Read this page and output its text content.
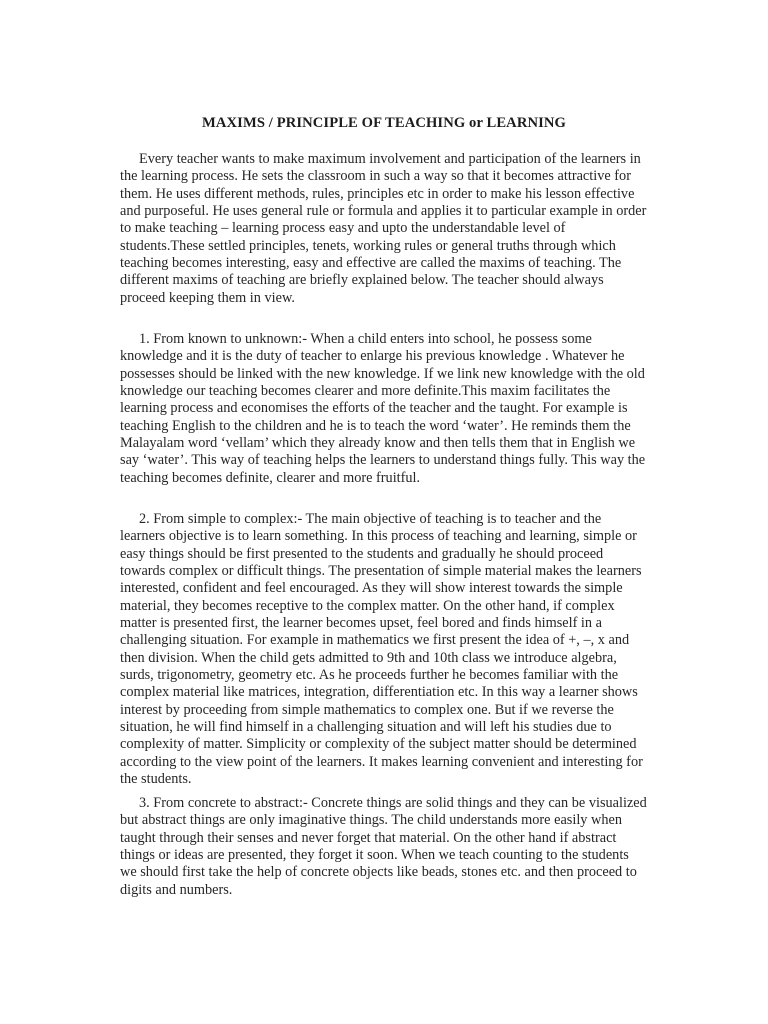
MAXIMS / PRINCIPLE OF TEACHING or LEARNING

Every teacher wants to make maximum involvement and participation of the learners in the learning process. He sets the classroom in such a way so that it becomes attractive for them. He uses different methods, rules, principles etc in order to make his lesson effective and purposeful. He uses general rule or formula and applies it to particular example in order to make teaching – learning process easy and upto the understandable level of students.These settled principles, tenets, working rules or general truths through which teaching becomes interesting, easy and effective are called the maxims of teaching. The different maxims of teaching are briefly explained below. The teacher should always proceed keeping them in view.

1. From known to unknown:- When a child enters into school, he possess some knowledge and it is the duty of teacher to enlarge his previous knowledge . Whatever he possesses should be linked with the new knowledge. If we link new knowledge with the old knowledge our teaching becomes clearer and more definite.This maxim facilitates the learning process and economises the efforts of the teacher and the taught. For example is teaching English to the children and he is to teach the word ‘water’. He reminds them the Malayalam word ‘vellam’ which they already know and then tells them that in English we say ‘water’. This way of teaching helps the learners to understand things fully. This way the teaching becomes definite, clearer and more fruitful.

2. From simple to complex:- The main objective of teaching is to teacher and the learners objective is to learn something. In this process of teaching and learning, simple or easy things should be first presented to the students and gradually he should proceed towards complex or difficult things. The presentation of simple material makes the learners interested, confident and feel encouraged. As they will show interest towards the simple material, they becomes receptive to the complex matter. On the other hand, if complex matter is presented first, the learner becomes upset, feel bored and finds himself in a challenging situation. For example in mathematics we first present the idea of +, –, x and then division. When the child gets admitted to 9th and 10th class we introduce algebra, surds, trigonometry, geometry etc. As he proceeds further he becomes familiar with the complex material like matrices, integration, differentiation etc. In this way a learner shows interest by proceeding from simple mathematics to complex one. But if we reverse the situation, he will find himself in a challenging situation and will left his studies due to complexity of matter. Simplicity or complexity of the subject matter should be determined according to the view point of the learners. It makes learning convenient and interesting for the students.

3. From concrete to abstract:- Concrete things are solid things and they can be visualized but abstract things are only imaginative things. The child understands more easily when taught through their senses and never forget that material. On the other hand if abstract things or ideas are presented, they forget it soon. When we teach counting to the students we should first take the help of concrete objects like beads, stones etc. and then proceed to digits and numbers.
